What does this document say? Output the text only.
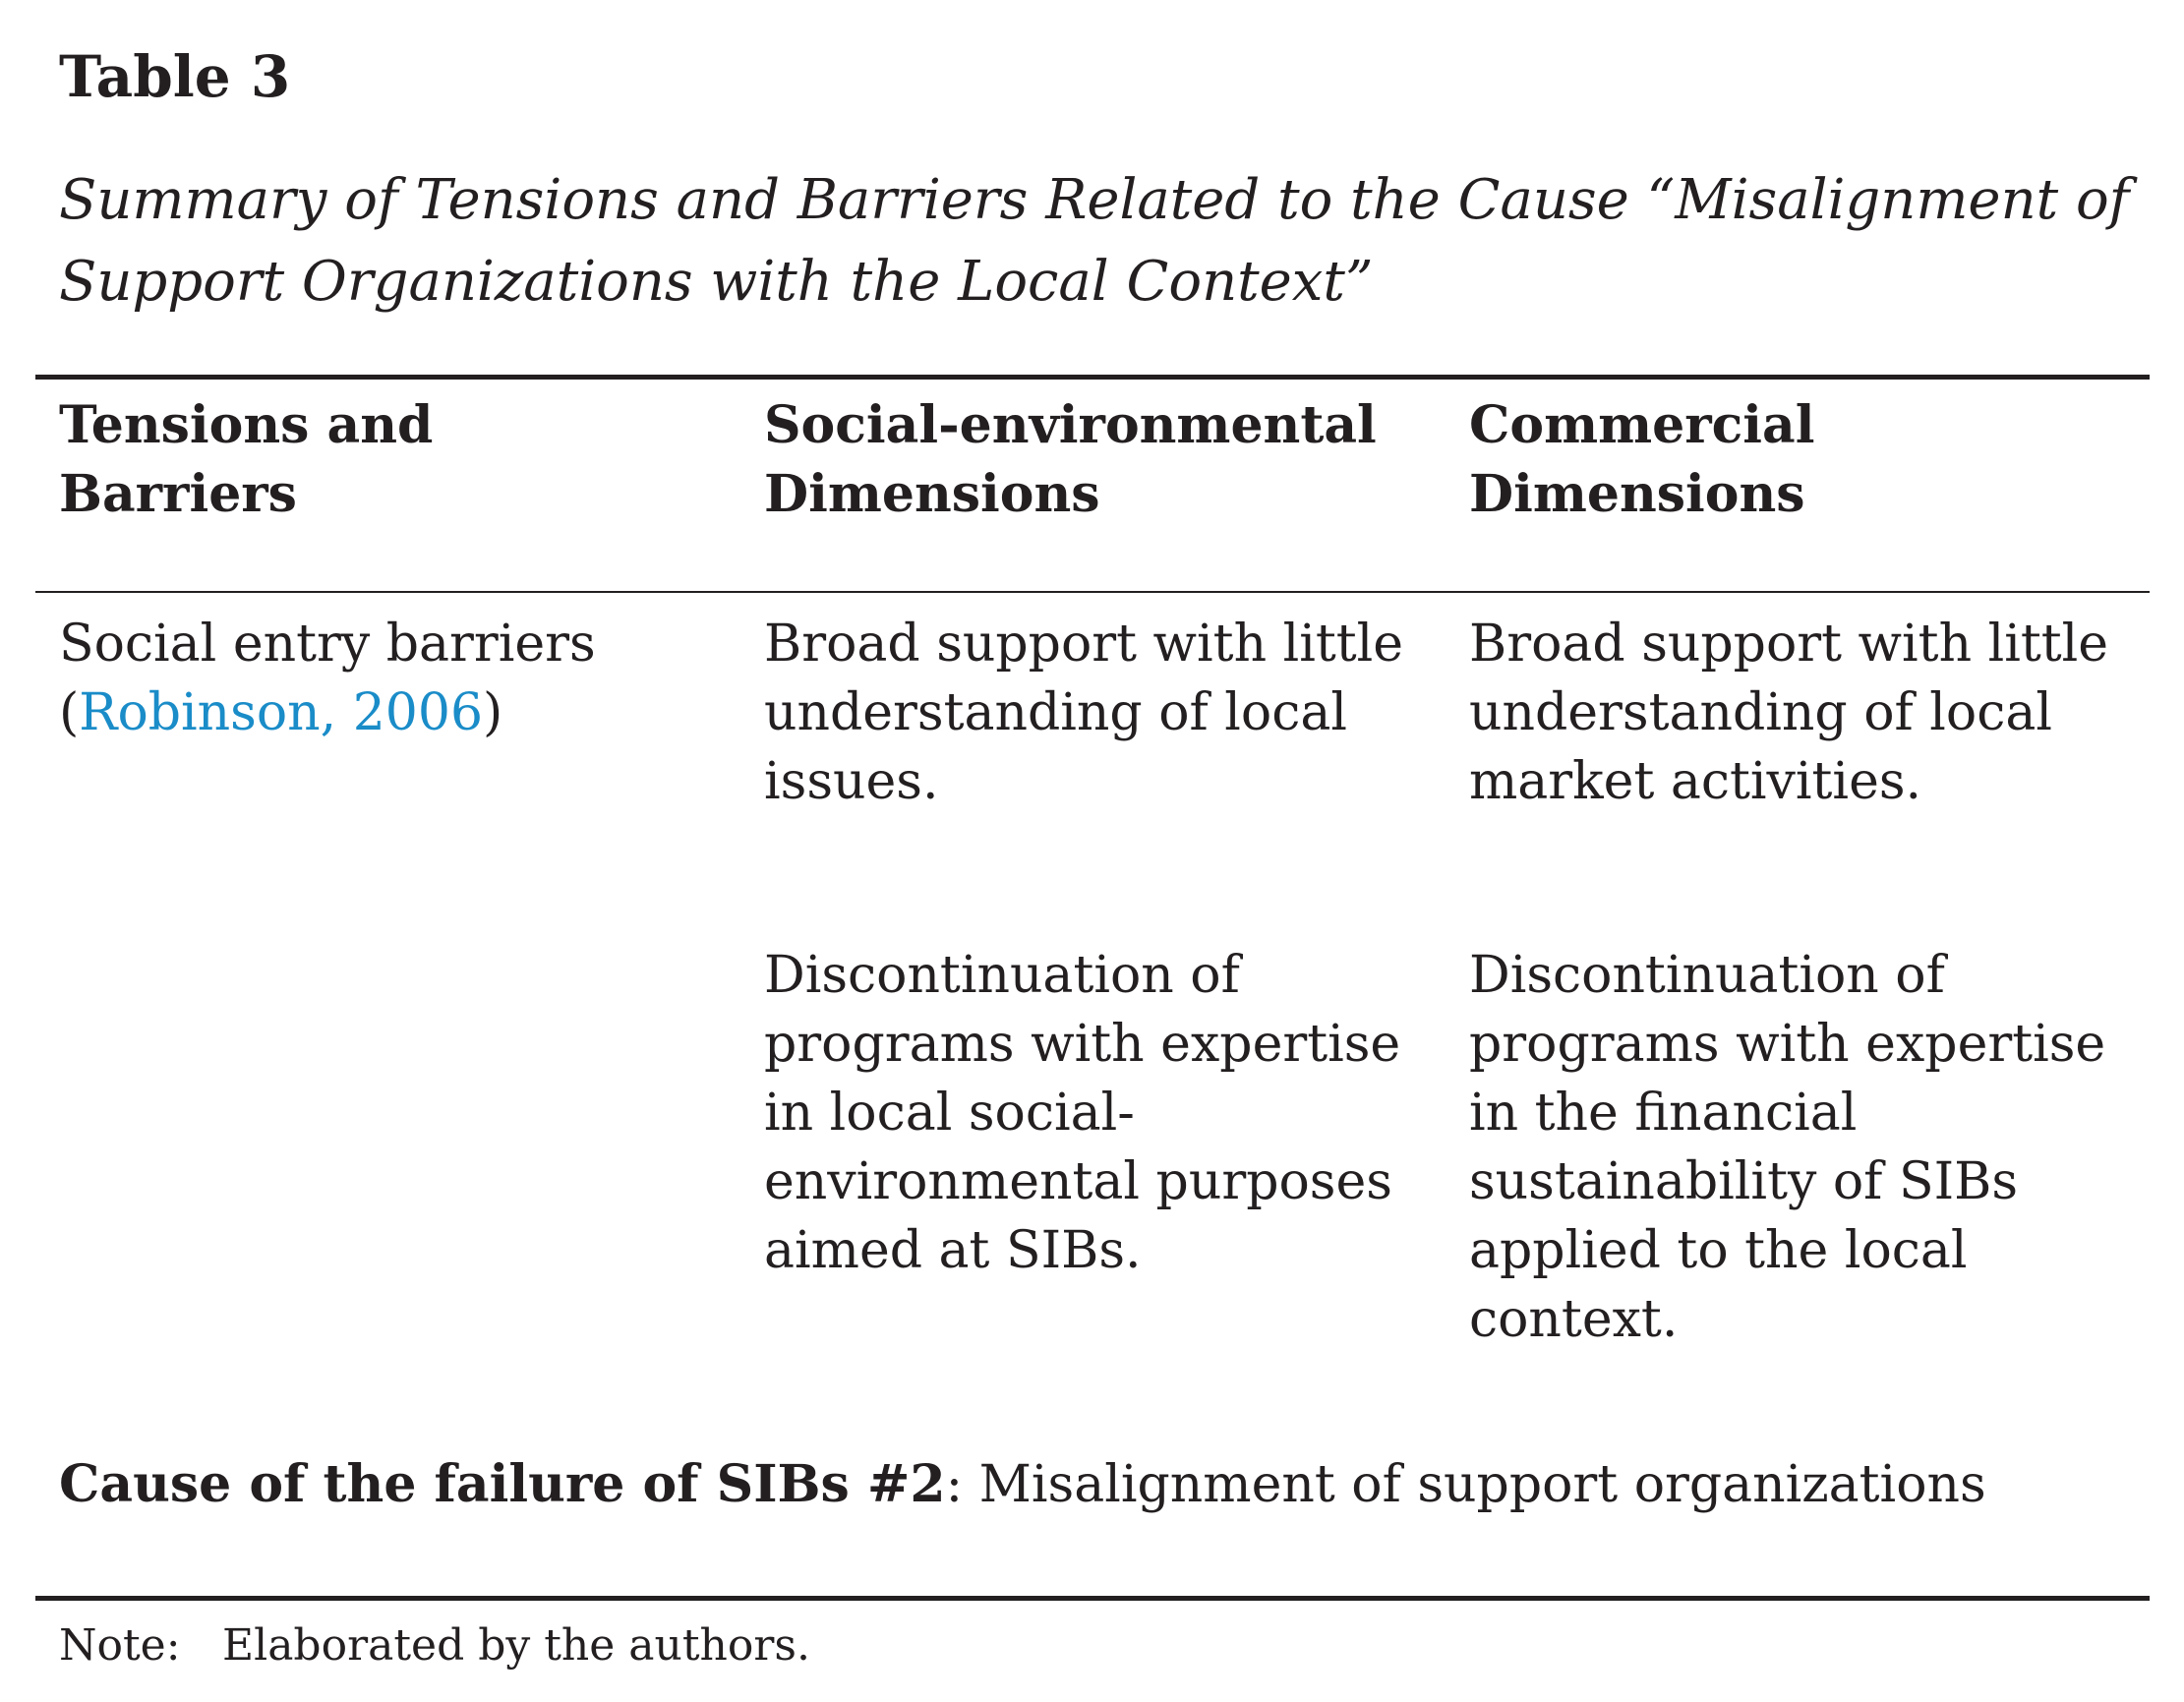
Table 3

Summary of Tensions and Barriers Related to the Cause “Misalignment of Support Organizations with the Local Context”

Tensions and Barriers
Social-environmental Dimensions
Commercial Dimensions
Social entry barriers
(Robinson, 2006)
Broad support with little understanding of local issues.
Broad support with little understanding of local market activities.
Discontinuation of programs with expertise in local social-environmental purposes aimed at SIBs.
Discontinuation of programs with expertise in the financial sustainability of SIBs applied to the local context.

Cause of the failure of SIBs #2: Misalignment of support organizations

Note: Elaborated by the authors.
